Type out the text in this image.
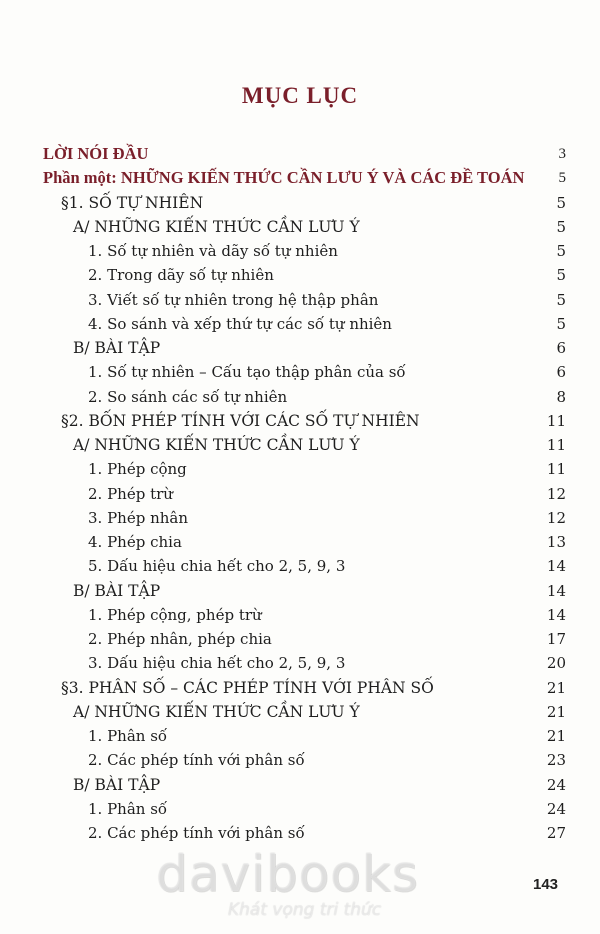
MỤC LỤC
LỜI NÓI ĐẦU	3
Phần một: NHỮNG KIẾN THỨC CẦN LƯU Ý VÀ CÁC ĐỀ TOÁN 5
§1. SỐ TỰ NHIÊN	5
A/ NHỮNG KIẾN THỨC CẦN LƯU Ý	5
1. Số tự nhiên và dãy số tự nhiên	5
2. Trong dãy số tự nhiên	5
3. Viết số tự nhiên trong hệ thập phân	5
4. So sánh và xếp thứ tự các số tự nhiên	5
B/ BÀI TẬP	6
1. Số tự nhiên – Cấu tạo thập phân của số	6
2. So sánh các số tự nhiên	8
§2. BỐN PHÉP TÍNH VỚI CÁC SỐ TỰ NHIÊN	11
A/ NHỮNG KIẾN THỨC CẦN LƯU Ý	11
1. Phép cộng	11
2. Phép trừ	12
3. Phép nhân	12
4. Phép chia	13
5. Dấu hiệu chia hết cho 2, 5, 9, 3	14
B/ BÀI TẬP	14
1. Phép cộng, phép trừ	14
2. Phép nhân, phép chia	17
3. Dấu hiệu chia hết cho 2, 5, 9, 3	20
§3. PHÂN SỐ – CÁC PHÉP TÍNH VỚI PHÂN SỐ	21
A/ NHỮNG KIẾN THỨC CẦN LƯU Ý	21
1. Phân số	21
2. Các phép tính với phân số	23
B/ BÀI TẬP	24
1. Phân số	24
2. Các phép tính với phân số	27
143
davibooks
Khát vọng tri thức
